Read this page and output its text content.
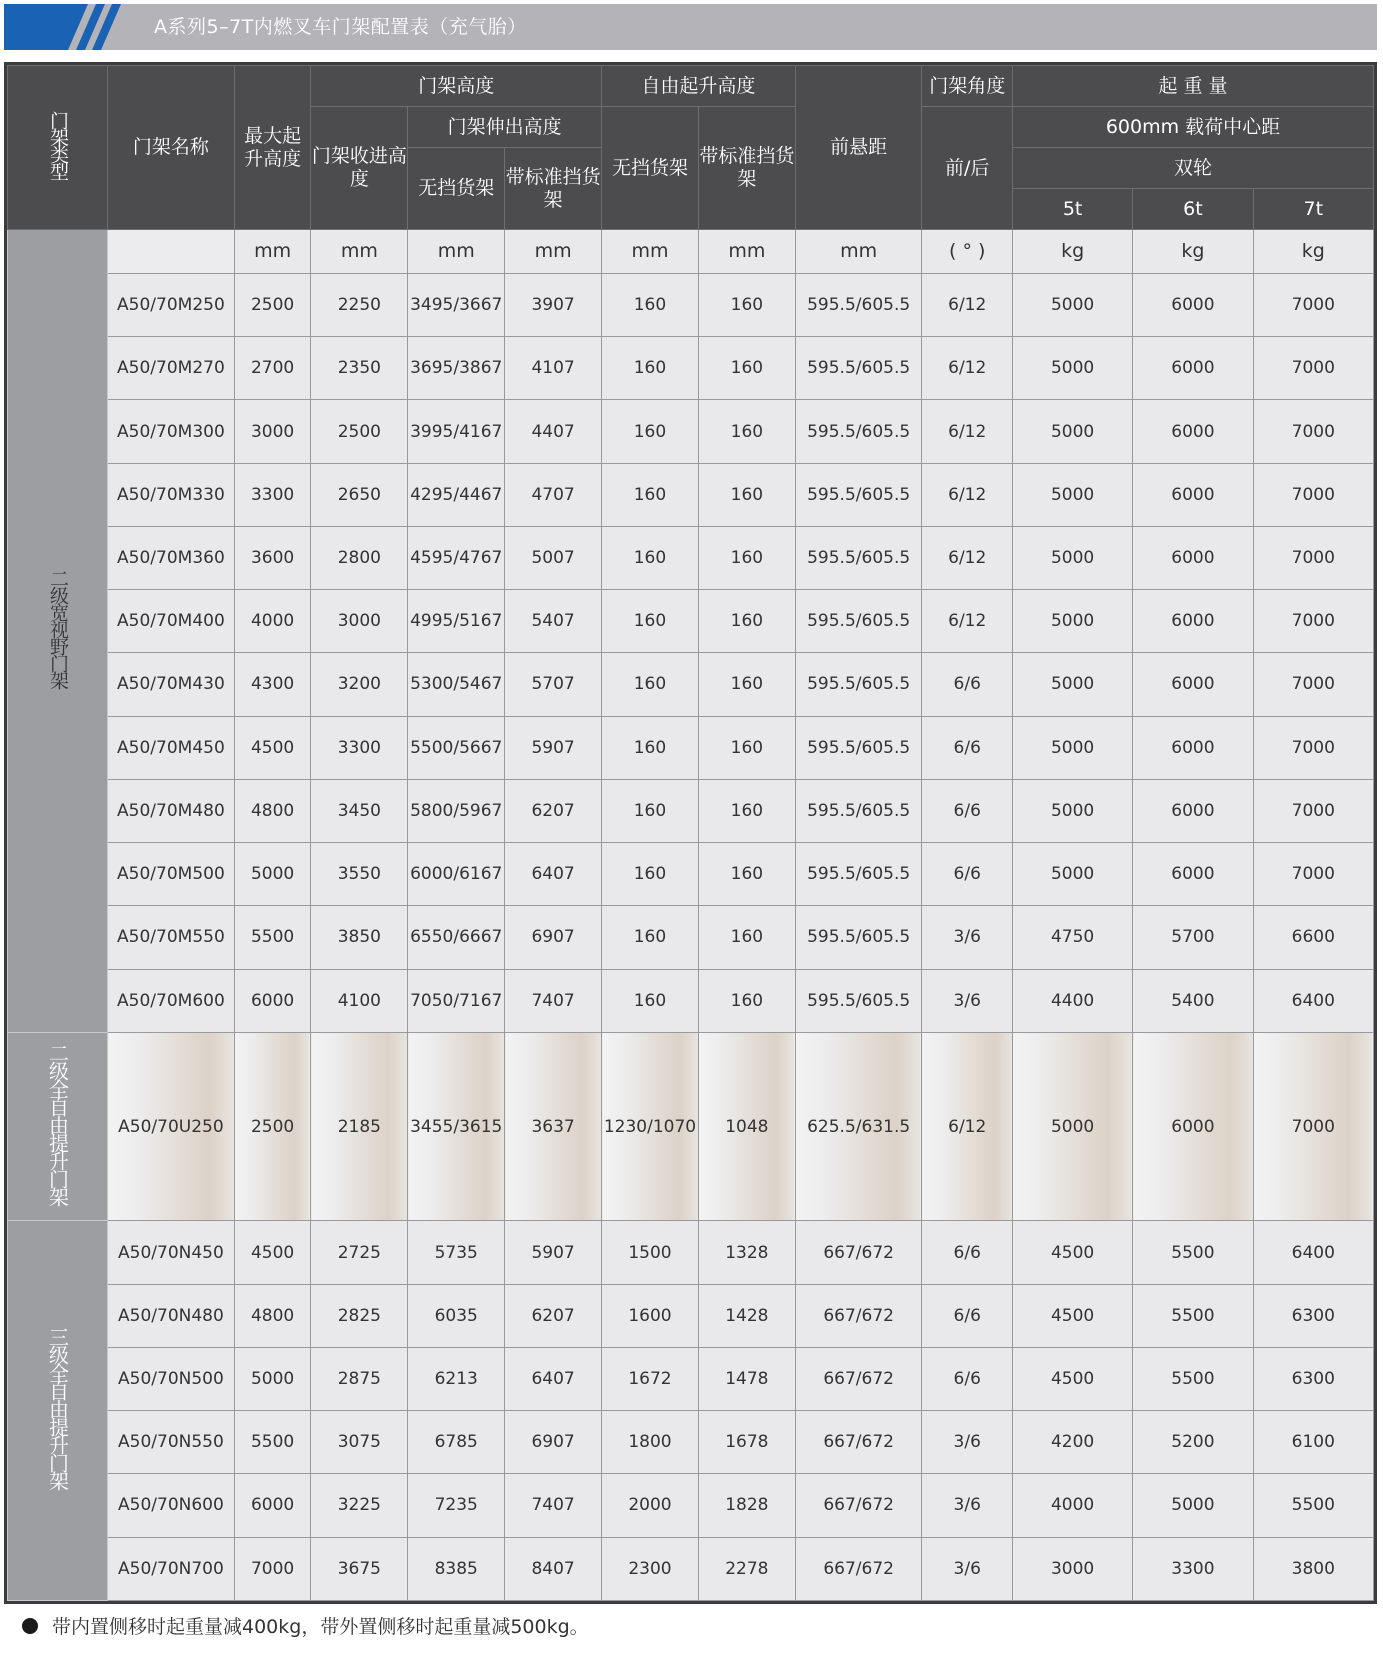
A系列5–7T内燃叉车门架配置表（充气胎）
门架类型	门架名称	最大起升高度	门架高度			自由起升高度		前悬距	门架角度	起 重 量		
			门架收进高度	门架伸出高度		无挡货架	带标准挡货架		前/后	600mm 载荷中心距		
				无挡货架	带标准挡货架					双轮		
										5t	6t	7t
二级宽视野门架		mm	mm	mm	mm	mm	mm	mm	( ° )	kg	kg	kg
	A50/70M250	2500	2250	3495/3667	3907	160	160	595.5/605.5	6/12	5000	6000	7000
	A50/70M270	2700	2350	3695/3867	4107	160	160	595.5/605.5	6/12	5000	6000	7000
	A50/70M300	3000	2500	3995/4167	4407	160	160	595.5/605.5	6/12	5000	6000	7000
	A50/70M330	3300	2650	4295/4467	4707	160	160	595.5/605.5	6/12	5000	6000	7000
	A50/70M360	3600	2800	4595/4767	5007	160	160	595.5/605.5	6/12	5000	6000	7000
	A50/70M400	4000	3000	4995/5167	5407	160	160	595.5/605.5	6/12	5000	6000	7000
	A50/70M430	4300	3200	5300/5467	5707	160	160	595.5/605.5	6/6	5000	6000	7000
	A50/70M450	4500	3300	5500/5667	5907	160	160	595.5/605.5	6/6	5000	6000	7000
	A50/70M480	4800	3450	5800/5967	6207	160	160	595.5/605.5	6/6	5000	6000	7000
	A50/70M500	5000	3550	6000/6167	6407	160	160	595.5/605.5	6/6	5000	6000	7000
	A50/70M550	5500	3850	6550/6667	6907	160	160	595.5/605.5	3/6	4750	5700	6600
	A50/70M600	6000	4100	7050/7167	7407	160	160	595.5/605.5	3/6	4400	5400	6400
二级全自由提升门架	A50/70U250	2500	2185	3455/3615	3637	1230/1070	1048	625.5/631.5	6/12	5000	6000	7000
三级全自由提升门架	A50/70N450	4500	2725	5735	5907	1500	1328	667/672	6/6	4500	5500	6400
	A50/70N480	4800	2825	6035	6207	1600	1428	667/672	6/6	4500	5500	6300
	A50/70N500	5000	2875	6213	6407	1672	1478	667/672	6/6	4500	5500	6300
	A50/70N550	5500	3075	6785	6907	1800	1678	667/672	3/6	4200	5200	6100
	A50/70N600	6000	3225	7235	7407	2000	1828	667/672	3/6	4000	5000	5500
	A50/70N700	7000	3675	8385	8407	2300	2278	667/672	3/6	3000	3300	3800
带内置侧移时起重量减400kg，带外置侧移时起重量减500kg。
